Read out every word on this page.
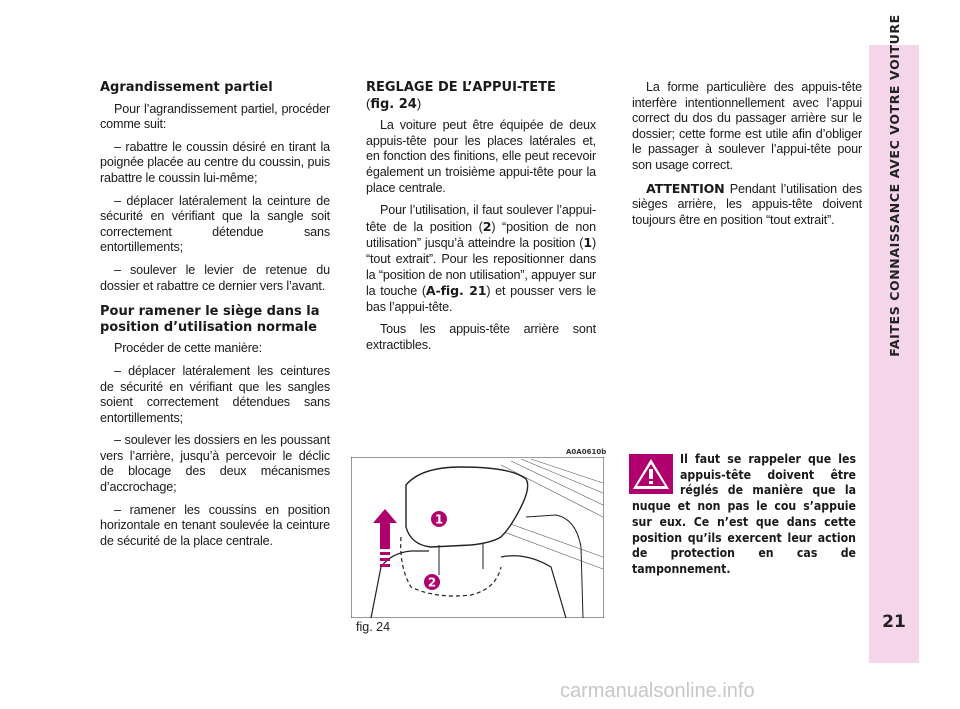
FAITES CONNAISSANCE AVEC VOTRE VOITURE
21
Agrandissement partiel

Pour l’agrandissement partiel, procéder comme suit:

– rabattre le coussin désiré en tirant la poignée placée au centre du coussin, puis rabattre le coussin lui-même;

– déplacer latéralement la ceinture de sécurité en vérifiant que la sangle soit correctement détendue sans entortillements;

– soulever le levier de retenue du dossier et rabattre ce dernier vers l’avant.

Pour ramener le siège dans la position d’utilisation normale

Procéder de cette manière:

– déplacer latéralement les ceintures de sécurité en vérifiant que les sangles soient correctement détendues sans entortillements;

– soulever les dossiers en les poussant vers l’arrière, jusqu’à percevoir le déclic de blocage des deux mécanismes d’accrochage;

– ramener les coussins en position horizontale en tenant soulevée la ceinture de sécurité de la place centrale.

REGLAGE DE L’APPUI-TETE
(fig. 24)

La voiture peut être équipée de deux appuis-tête pour les places latérales et, en fonction des finitions, elle peut recevoir également un troisième appui-tête pour la place centrale.

Pour l’utilisation, il faut soulever l’appui-tête de la position (2) “position de non utilisation” jusqu’à atteindre la position (1) “tout extrait”. Pour les repositionner dans la “position de non utilisation”, appuyer sur la touche (A-fig. 21) et pousser vers le bas l’appui-tête.

Tous les appuis-tête arrière sont extractibles.

La forme particulière des appuis-tête interfère intentionnellement avec l’appui correct du dos du passager arrière sur le dossier; cette forme est utile afin d’obliger le passager à soulever l’appui-tête pour son usage correct.

ATTENTION Pendant l’utilisation des sièges arrière, les appuis-tête doivent toujours être en position “tout extrait”.

A0A0610b
1
2
fig. 24
Il faut se rappeler que les appuis-tête doivent être réglés de manière que la nuque et non pas le cou s’appuie sur eux. Ce n’est que dans cette position qu’ils exercent leur action de protection en cas de tamponnement.
carmanualsonline.info
